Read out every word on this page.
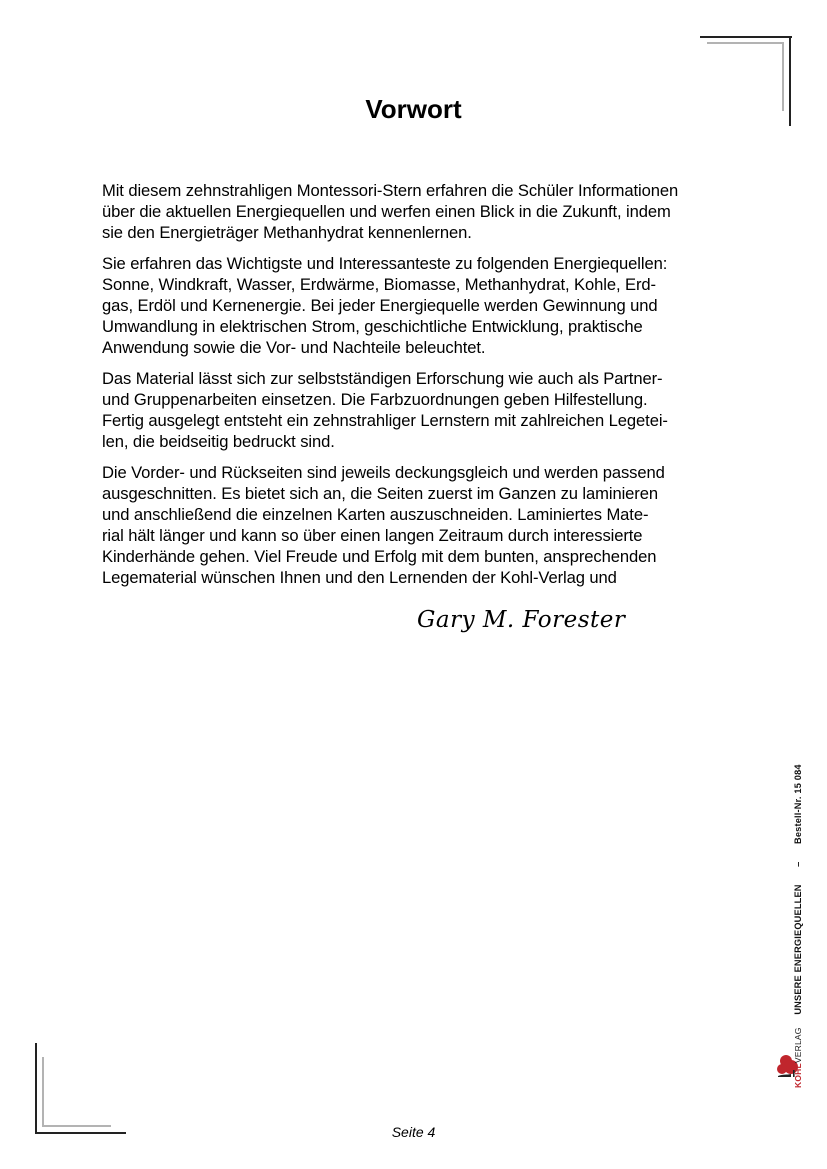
Vorwort

Mit diesem zehnstrahligen Montessori-Stern erfahren die Schüler Informationen
über die aktuellen Energiequellen und werfen einen Blick in die Zukunft, indem
sie den Energieträger Methanhydrat kennenlernen.

Sie erfahren das Wichtigste und Interessanteste zu folgenden Energiequellen:
Sonne, Windkraft, Wasser, Erdwärme, Biomasse, Methanhydrat, Kohle, Erd-
gas, Erdöl und Kernenergie. Bei jeder Energiequelle werden Gewinnung und
Umwandlung in elektrischen Strom, geschichtliche Entwicklung, praktische
Anwendung sowie die Vor- und Nachteile beleuchtet.

Das Material lässt sich zur selbstständigen Erforschung wie auch als Partner-
und Gruppenarbeiten einsetzen. Die Farbzuordnungen geben Hilfestellung.
Fertig ausgelegt entsteht ein zehnstrahliger Lernstern mit zahlreichen Legetei-
len, die beidseitig bedruckt sind.

Die Vorder- und Rückseiten sind jeweils deckungsgleich und werden passend
ausgeschnitten. Es bietet sich an, die Seiten zuerst im Ganzen zu laminieren
und anschließend die einzelnen Karten auszuschneiden. Laminiertes Mate-
rial hält länger und kann so über einen langen Zeitraum durch interessierte
Kinderhände gehen. Viel Freude und Erfolg mit dem bunten, ansprechenden
Legematerial wünschen Ihnen und den Lernenden der Kohl-Verlag und

Gary M. Forester
KOHLVERLAG UNSERE ENERGIEQUELLEN  –  Bestell-Nr. 15 084
Seite 4
